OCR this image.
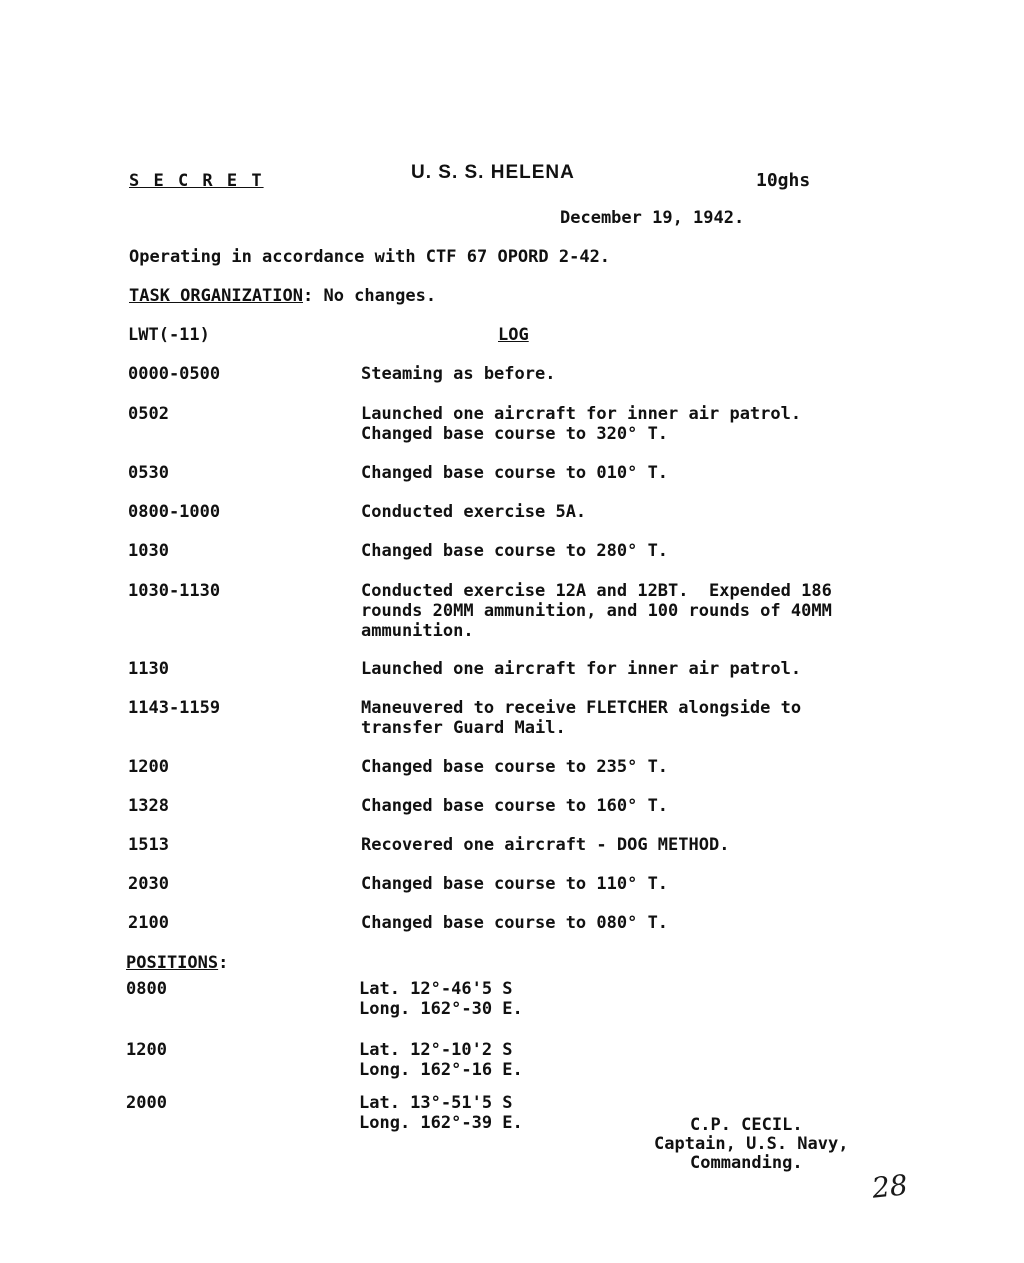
S E C R E T	U. S. S. HELENA	10ghs
December 19, 1942.
Operating in accordance with CTF 67 OPORD 2-42.
TASK ORGANIZATION: No changes.
LWT(-11)	LOG
0000-0500	Steaming as before.
0502	Launched one aircraft for inner air patrol.
Changed base course to 320° T.
0530	Changed base course to 010° T.
0800-1000	Conducted exercise 5A.
1030	Changed base course to 280° T.
1030-1130	Conducted exercise 12A and 12BT.  Expended 186
rounds 20MM ammunition, and 100 rounds of 40MM
ammunition.
1130	Launched one aircraft for inner air patrol.
1143-1159	Maneuvered to receive FLETCHER alongside to
transfer Guard Mail.
1200	Changed base course to 235° T.
1328	Changed base course to 160° T.
1513	Recovered one aircraft - DOG METHOD.
2030	Changed base course to 110° T.
2100	Changed base course to 080° T.
POSITIONS:
0800	Lat. 12°-46'5 S
Long. 162°-30 E.
1200	Lat. 12°-10'2 S
Long. 162°-16 E.
2000	Lat. 13°-51'5 S
Long. 162°-39 E.	C.P. CECIL.
Captain, U.S. Navy,
Commanding.
28
